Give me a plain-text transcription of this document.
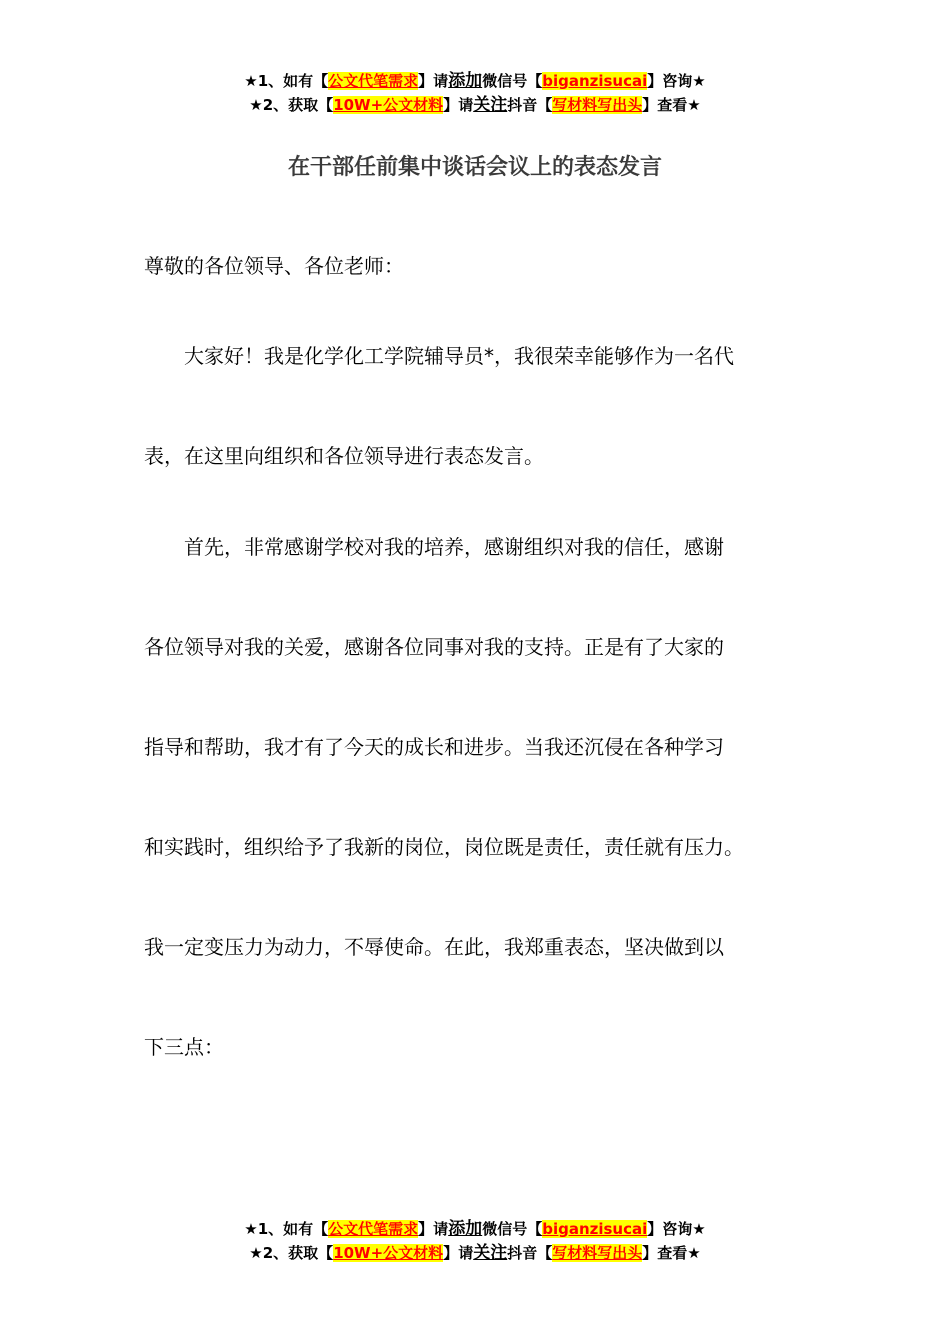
★1、如有【公文代笔需求】请添加微信号【biganzisucai】咨询★
★2、获取【10W+公文材料】请关注抖音【写材料写出头】查看★
在干部任前集中谈话会议上的表态发言
尊敬的各位领导、各位老师：
大家好！我是化学化工学院辅导员*，我很荣幸能够作为一名代
表，在这里向组织和各位领导进行表态发言。
首先，非常感谢学校对我的培养，感谢组织对我的信任，感谢
各位领导对我的关爱，感谢各位同事对我的支持。正是有了大家的
指导和帮助，我才有了今天的成长和进步。当我还沉侵在各种学习
和实践时，组织给予了我新的岗位，岗位既是责任，责任就有压力。
我一定变压力为动力，不辱使命。在此，我郑重表态，坚决做到以
下三点：
★1、如有【公文代笔需求】请添加微信号【biganzisucai】咨询★
★2、获取【10W+公文材料】请关注抖音【写材料写出头】查看★
